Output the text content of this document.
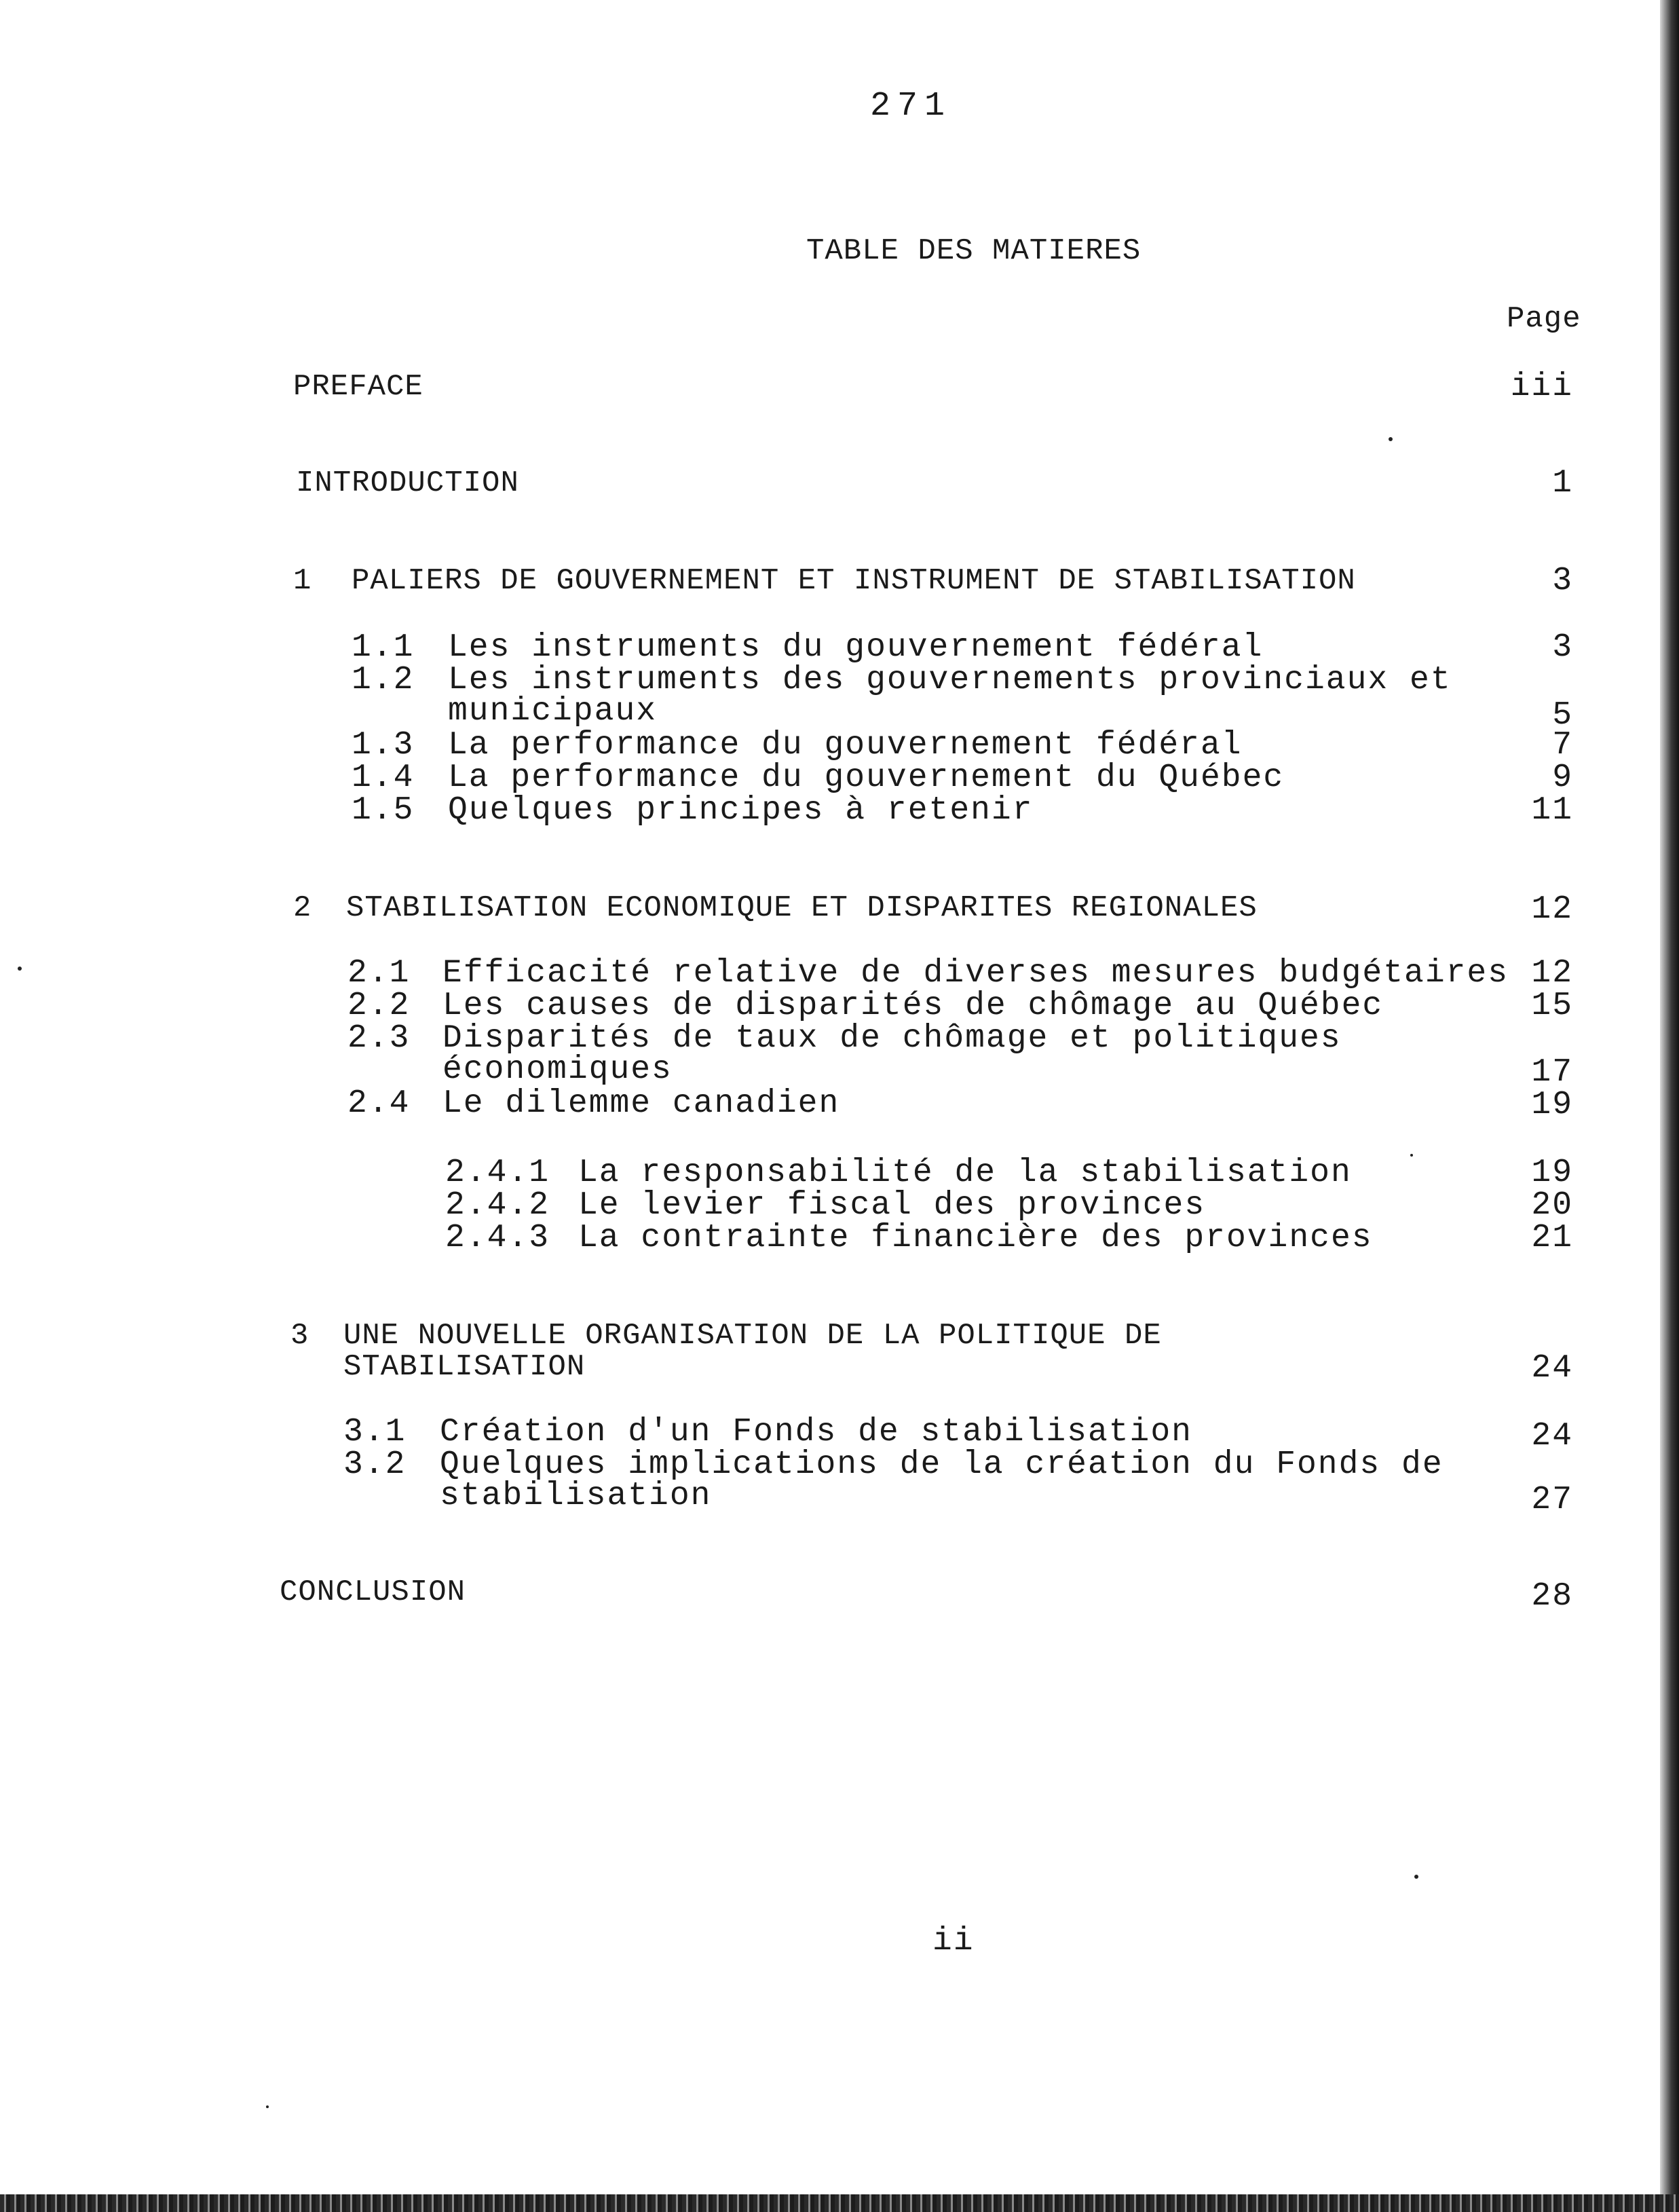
271
TABLE DES MATIERES
Page
PREFACE	iii
INTRODUCTION	1
1 PALIERS DE GOUVERNEMENT ET INSTRUMENT DE STABILISATION	3
1.1 Les instruments du gouvernement fédéral	3
1.2 Les instruments des gouvernements provinciaux et
municipaux	5
1.3 La performance du gouvernement fédéral	7
1.4 La performance du gouvernement du Québec	9
1.5 Quelques principes à retenir	11
2 STABILISATION ECONOMIQUE ET DISPARITES REGIONALES	12
2.1 Efficacité relative de diverses mesures budgétaires 12
2.2 Les causes de disparités de chômage au Québec	15
2.3 Disparités de taux de chômage et politiques
économiques	17
2.4 Le dilemme canadien	19
2.4.1 La responsabilité de la stabilisation	19
2.4.2 Le levier fiscal des provinces	20
2.4.3 La contrainte financière des provinces	21
3 UNE NOUVELLE ORGANISATION DE LA POLITIQUE DE
STABILISATION	24
3.1 Création d'un Fonds de stabilisation	24
3.2 Quelques implications de la création du Fonds de
stabilisation	27
CONCLUSION	28
ii
